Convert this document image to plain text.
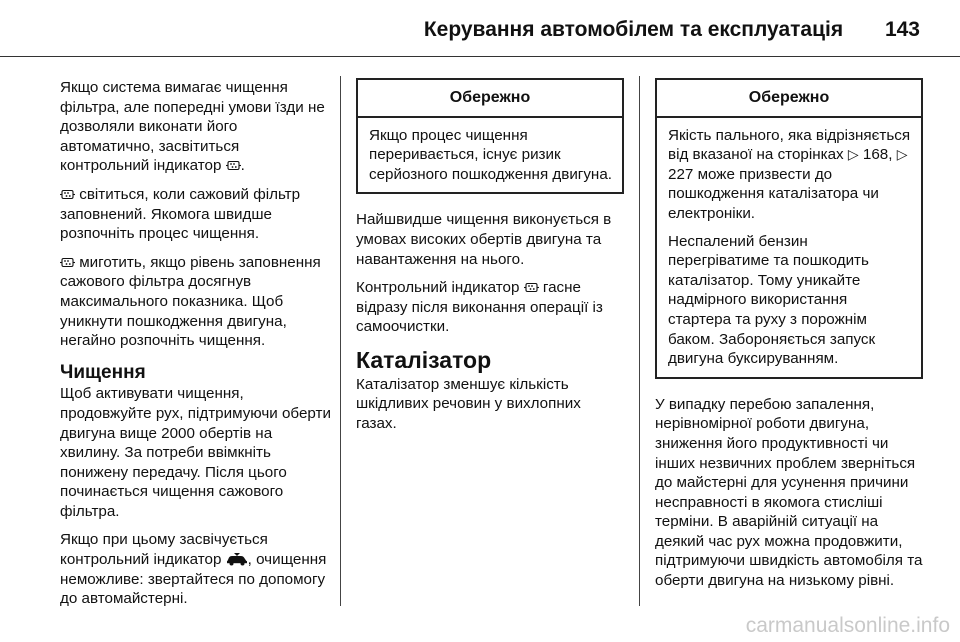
Керування автомобілем та експлуатація 143

Якщо система вимагає чищення фільтра, але попередні умови їзди не дозволяли виконати його автоматично, засвітиться контрольний індикатор .

світиться, коли сажовий фільтр заповнений. Якомога швидше розпочніть процес чищення.

миготить, якщо рівень заповнення сажового фільтра досягнув максимального показника. Щоб уникнути пошкодження двигуна, негайно розпочніть чищення.

Чищення

Щоб активувати чищення, продовжуйте рух, підтримуючи оберти двигуна вище 2000 обертів на хвилину. За потреби ввімкніть понижену передачу. Після цього починається чищення сажового фільтра.

Якщо при цьому засвічується контрольний індикатор , очищення неможливе: звертайтеся по допомогу до автомайстерні.

Обережно

Якщо процес чищення переривається, існує ризик серйозного пошкодження двигуна.

Найшвидше чищення виконується в умовах високих обертів двигуна та навантаження на нього.

Контрольний індикатор  гасне відразу після виконання операції із самоочистки.

Каталізатор

Каталізатор зменшує кількість шкідливих речовин у вихлопних газах.

Обережно

Якість пального, яка відрізняється від вказаної на сторінках ▷ 168, ▷ 227 може призвести до пошкодження каталізатора чи електроніки.

Неспалений бензин перегріватиме та пошкодить каталізатор. Тому уникайте надмірного використання стартера та руху з порожнім баком. Забороняється запуск двигуна буксируванням.

У випадку перебою запалення, нерівномірної роботи двигуна, зниження його продуктивності чи інших незвичних проблем зверніться до майстерні для усунення причини несправності в якомога стисліші терміни. В аварійній ситуації на деякий час рух можна продовжити, підтримуючи швидкість автомобіля та оберти двигуна на низькому рівні.

carmanualsonline.info
